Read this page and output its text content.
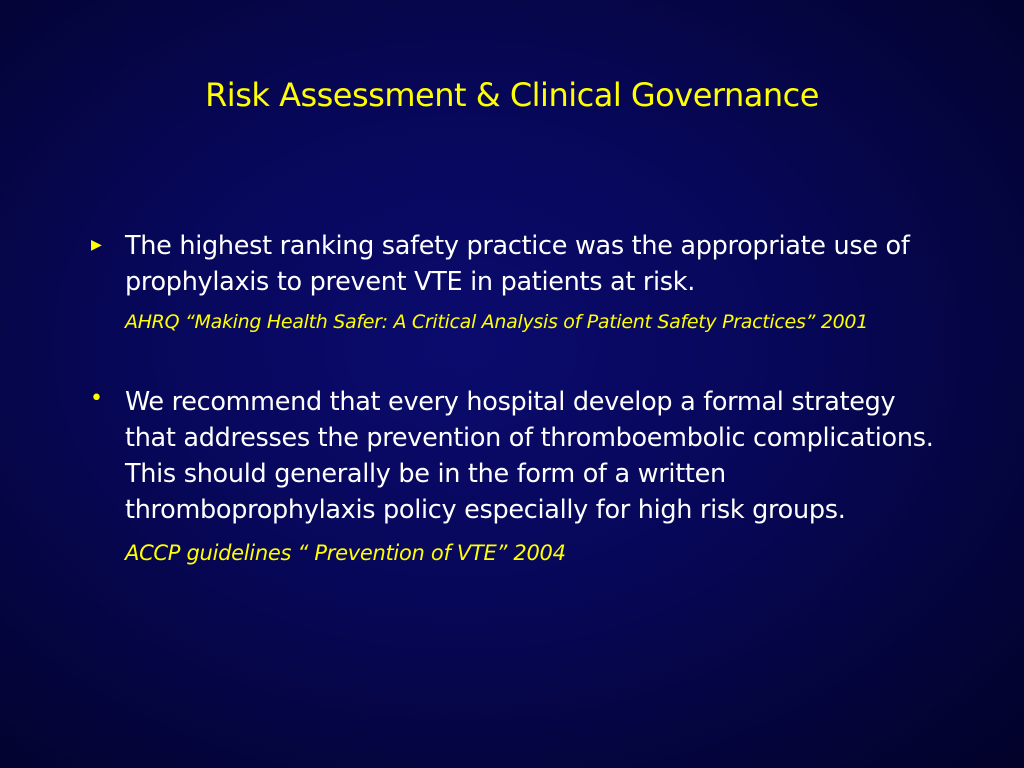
Risk Assessment & Clinical Governance
▶ The highest ranking safety practice was the appropriate use of prophylaxis to prevent VTE in patients at risk.
AHRQ “Making Health Safer: A Critical Analysis of Patient Safety Practices” 2001
• We recommend that every hospital develop a formal strategy that addresses the prevention of thromboembolic complications. This should generally be in the form of a written thromboprophylaxis policy especially for high risk groups.
ACCP guidelines “ Prevention of VTE” 2004
